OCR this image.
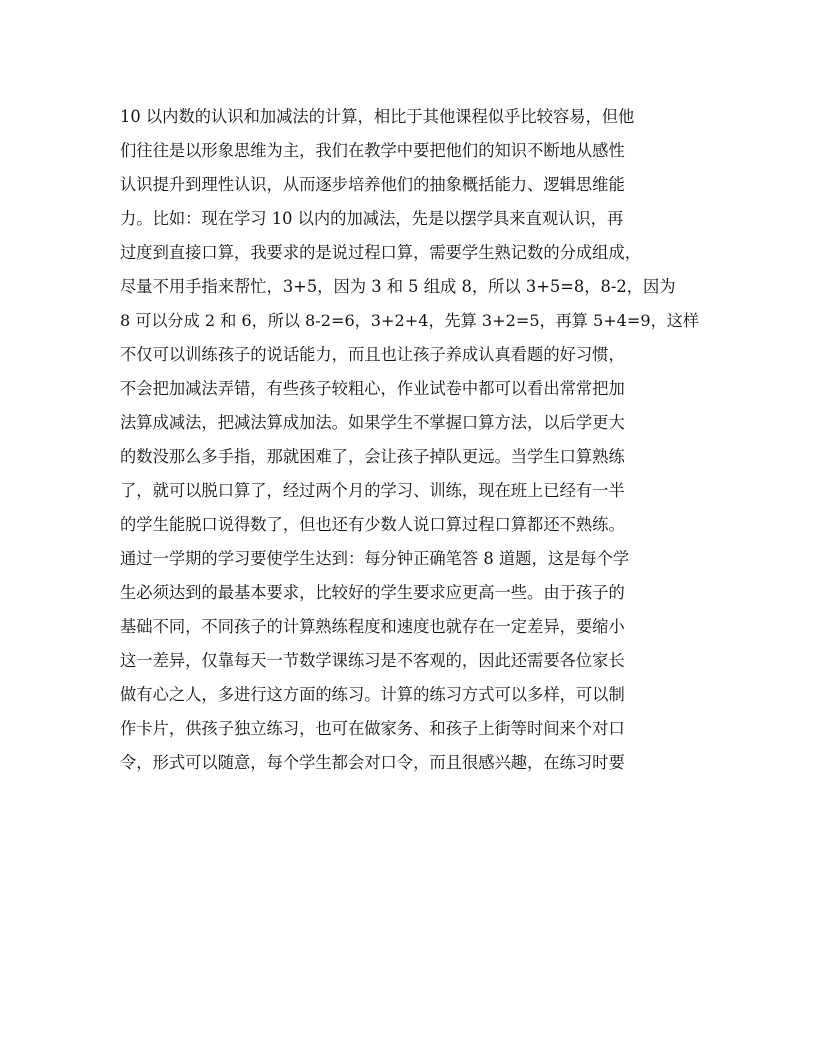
10 以内数的认识和加减法的计算，相比于其他课程似乎比较容易，但他
们往往是以形象思维为主，我们在教学中要把他们的知识不断地从感性
认识提升到理性认识，从而逐步培养他们的抽象概括能力、逻辑思维能
力。比如：现在学习 10 以内的加减法，先是以摆学具来直观认识，再
过度到直接口算，我要求的是说过程口算，需要学生熟记数的分成组成，
尽量不用手指来帮忙，3+5，因为 3 和 5 组成 8，所以 3+5=8，8-2，因为
8 可以分成 2 和 6，所以 8-2=6，3+2+4，先算 3+2=5，再算 5+4=9，这样
不仅可以训练孩子的说话能力，而且也让孩子养成认真看题的好习惯，
不会把加减法弄错，有些孩子较粗心，作业试卷中都可以看出常常把加
法算成减法，把减法算成加法。如果学生不掌握口算方法，以后学更大
的数没那么多手指，那就困难了，会让孩子掉队更远。当学生口算熟练
了，就可以脱口算了，经过两个月的学习、训练，现在班上已经有一半
的学生能脱口说得数了，但也还有少数人说口算过程口算都还不熟练。
通过一学期的学习要使学生达到：每分钟正确笔答 8 道题，这是每个学
生必须达到的最基本要求，比较好的学生要求应更高一些。由于孩子的
基础不同，不同孩子的计算熟练程度和速度也就存在一定差异，要缩小
这一差异，仅靠每天一节数学课练习是不客观的，因此还需要各位家长
做有心之人，多进行这方面的练习。计算的练习方式可以多样，可以制
作卡片，供孩子独立练习，也可在做家务、和孩子上街等时间来个对口
令，形式可以随意，每个学生都会对口令，而且很感兴趣，在练习时要
